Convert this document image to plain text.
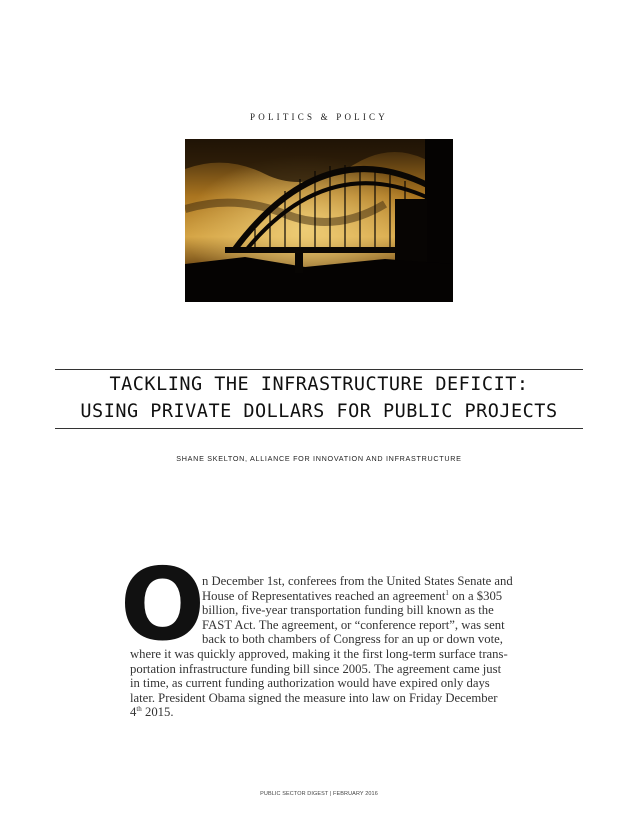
POLITICS & POLICY
TACKLING THE INFRASTRUCTURE DEFICIT:
USING PRIVATE DOLLARS FOR PUBLIC PROJECTS
SHANE SKELTON, ALLIANCE FOR INNOVATION AND INFRASTRUCTURE
O
n December 1st, conferees from the United States Senate and
House of Representatives reached an agreement$^1$ on a $305
billion, five-year transportation funding bill known as the
FAST Act. The agreement, or “conference report”, was sent
back to both chambers of Congress for an up or down vote,
where it was quickly approved, making it the first long-term surface trans-
portation infrastructure funding bill since 2005. The agreement came just
in time, as current funding authorization would have expired only days
later. President Obama signed the measure into law on Friday December
4th 2015.
PUBLIC SECTOR DIGEST | FEBRUARY 2016
